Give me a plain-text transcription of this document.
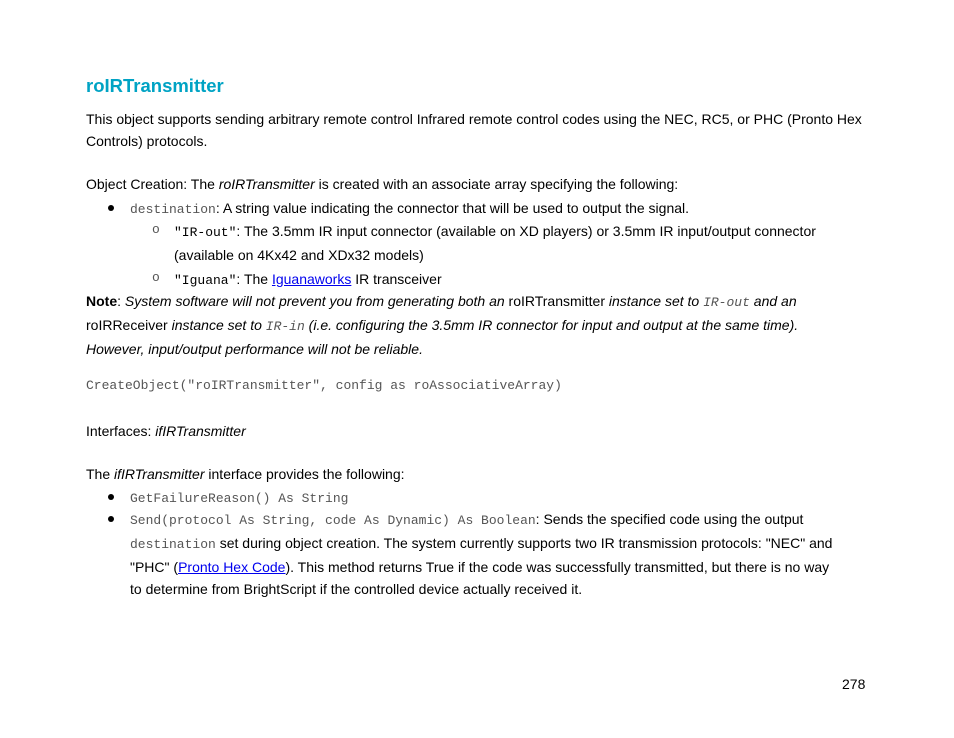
roIRTransmitter
This object supports sending arbitrary remote control Infrared remote control codes using the NEC, RC5, or PHC (Pronto Hex Controls) protocols.
Object Creation: The roIRTransmitter is created with an associate array specifying the following:
destination: A string value indicating the connector that will be used to output the signal.
o "IR-out": The 3.5mm IR input connector (available on XD players) or 3.5mm IR input/output connector
(available on 4Kx42 and XDx32 models)
o "Iguana": The Iguanaworks IR transceiver
Note: System software will not prevent you from generating both an roIRTransmitter instance set to IR-out and an
roIRReceiver instance set to IR-in (i.e. configuring the 3.5mm IR connector for input and output at the same time).
However, input/output performance will not be reliable.
CreateObject("roIRTransmitter", config as roAssociativeArray)
Interfaces: ifIRTransmitter
The ifIRTransmitter interface provides the following:
GetFailureReason() As String
Send(protocol As String, code As Dynamic) As Boolean: Sends the specified code using the output
destination set during object creation. The system currently supports two IR transmission protocols: "NEC" and
"PHC" (Pronto Hex Code). This method returns True if the code was successfully transmitted, but there is no way
to determine from BrightScript if the controlled device actually received it.
278
